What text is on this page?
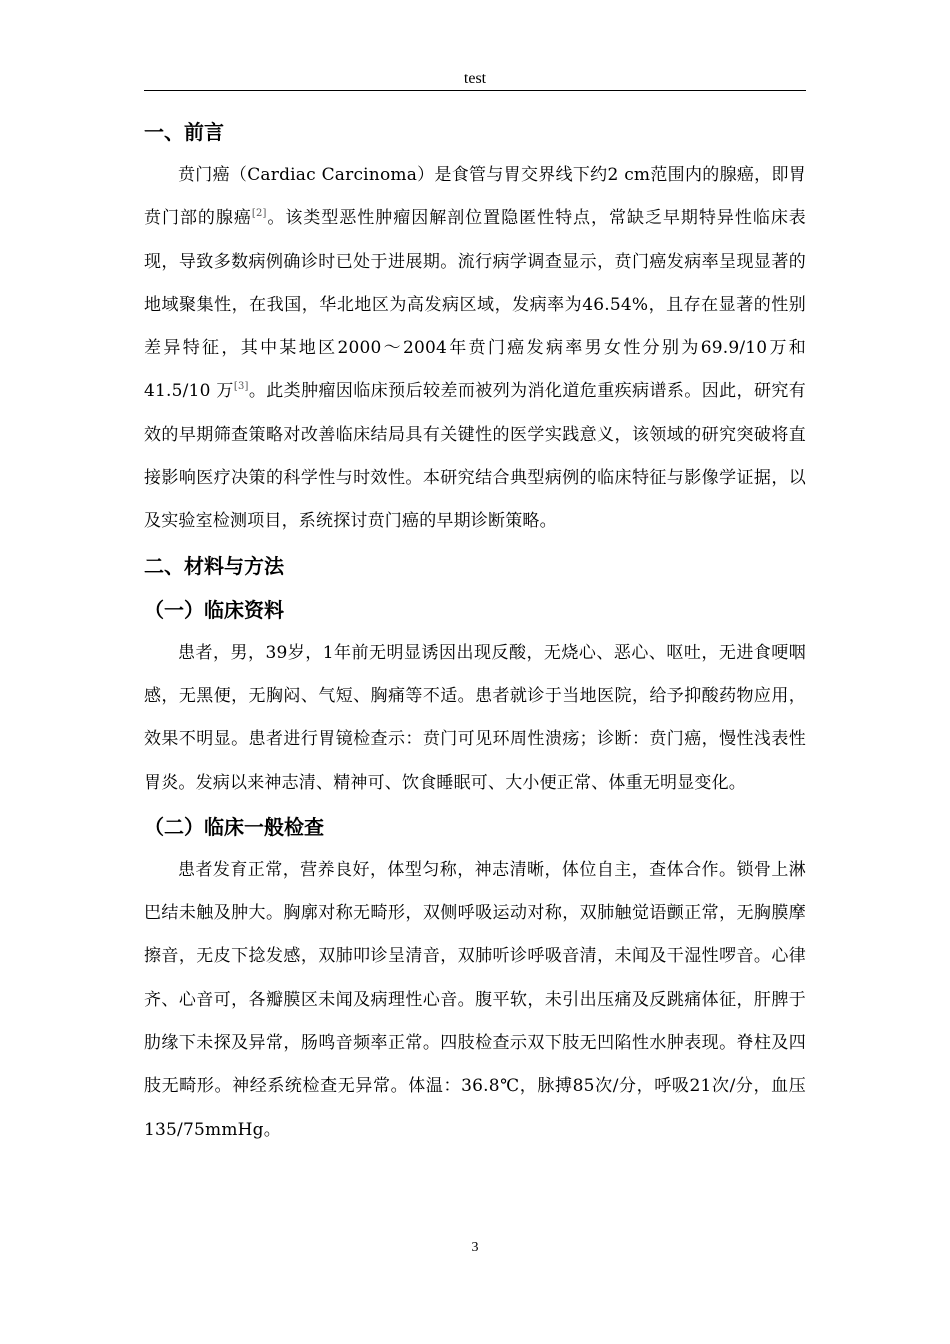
test
一、前言

贲门癌（Cardiac Carcinoma）是食管与胃交界线下约2 cm范围内的腺癌，即胃贲门部的腺癌[2]。该类型恶性肿瘤因解剖位置隐匿性特点，常缺乏早期特异性临床表现，导致多数病例确诊时已处于进展期。流行病学调查显示，贲门癌发病率呈现显著的地域聚集性，在我国，华北地区为高发病区域，发病率为46.54%，且存在显著的性别差异特征，其中某地区2000～2004年贲门癌发病率男女性分别为69.9/10万和41.5/10 万[3]。此类肿瘤因临床预后较差而被列为消化道危重疾病谱系。因此，研究有效的早期筛查策略对改善临床结局具有关键性的医学实践意义，该领域的研究突破将直接影响医疗决策的科学性与时效性。本研究结合典型病例的临床特征与影像学证据，以及实验室检测项目，系统探讨贲门癌的早期诊断策略。

二、材料与方法
（一）临床资料

患者，男，39岁，1年前无明显诱因出现反酸，无烧心、恶心、呕吐，无进食哽咽感，无黑便，无胸闷、气短、胸痛等不适。患者就诊于当地医院，给予抑酸药物应用，效果不明显。患者进行胃镜检查示：贲门可见环周性溃疡；诊断：贲门癌，慢性浅表性胃炎。发病以来神志清、精神可、饮食睡眠可、大小便正常、体重无明显变化。

（二）临床一般检查

患者发育正常，营养良好，体型匀称，神志清晰，体位自主，查体合作。锁骨上淋巴结未触及肿大。胸廓对称无畸形，双侧呼吸运动对称，双肺触觉语颤正常，无胸膜摩擦音，无皮下捻发感，双肺叩诊呈清音，双肺听诊呼吸音清，未闻及干湿性啰音。心律齐、心音可，各瓣膜区未闻及病理性心音。腹平软，未引出压痛及反跳痛体征，肝脾于肋缘下未探及异常，肠鸣音频率正常。四肢检查示双下肢无凹陷性水肿表现。脊柱及四肢无畸形。神经系统检查无异常。体温：36.8℃，脉搏85次/分，呼吸21次/分，血压135/75mmHg。

3
